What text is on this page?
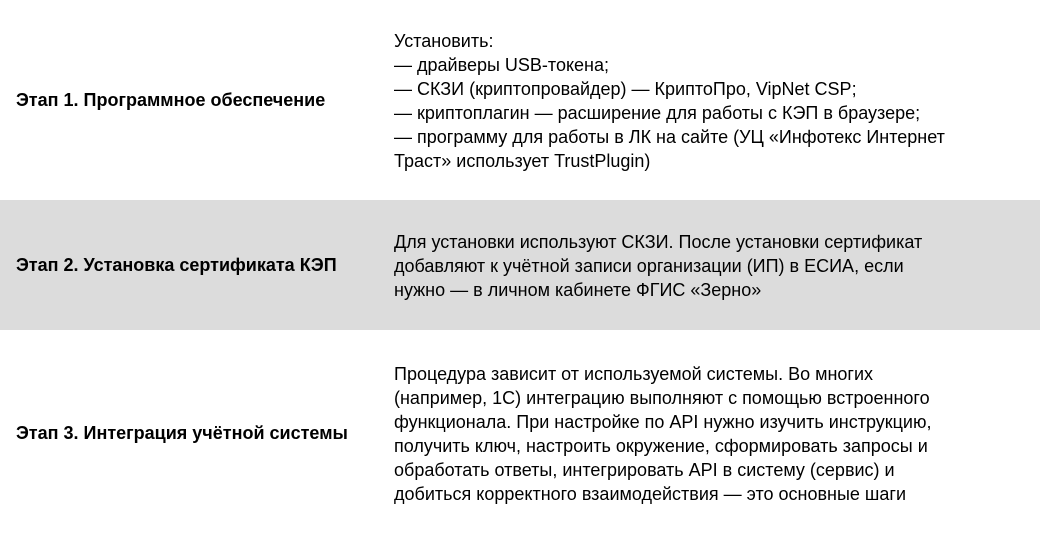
Этап 1. Программное обеспечение
Установить:
— драйверы USB-токена;
— СКЗИ (криптопровайдер) — КриптоПро, VipNet CSP;
— криптоплагин — расширение для работы с КЭП в браузере;
— программу для работы в ЛК на сайте (УЦ «Инфотекс Интернет
Траст» использует TrustPlugin)
Этап 2. Установка сертификата КЭП
Для установки используют СКЗИ. После установки сертификат
добавляют к учётной записи организации (ИП) в ЕСИА, если
нужно — в личном кабинете ФГИС «Зерно»
Этап 3. Интеграция учётной системы
Процедура зависит от используемой системы. Во многих
(например, 1С) интеграцию выполняют с помощью встроенного
функционала. При настройке по API нужно изучить инструкцию,
получить ключ, настроить окружение, сформировать запросы и
обработать ответы, интегрировать API в систему (сервис) и
добиться корректного взаимодействия — это основные шаги
